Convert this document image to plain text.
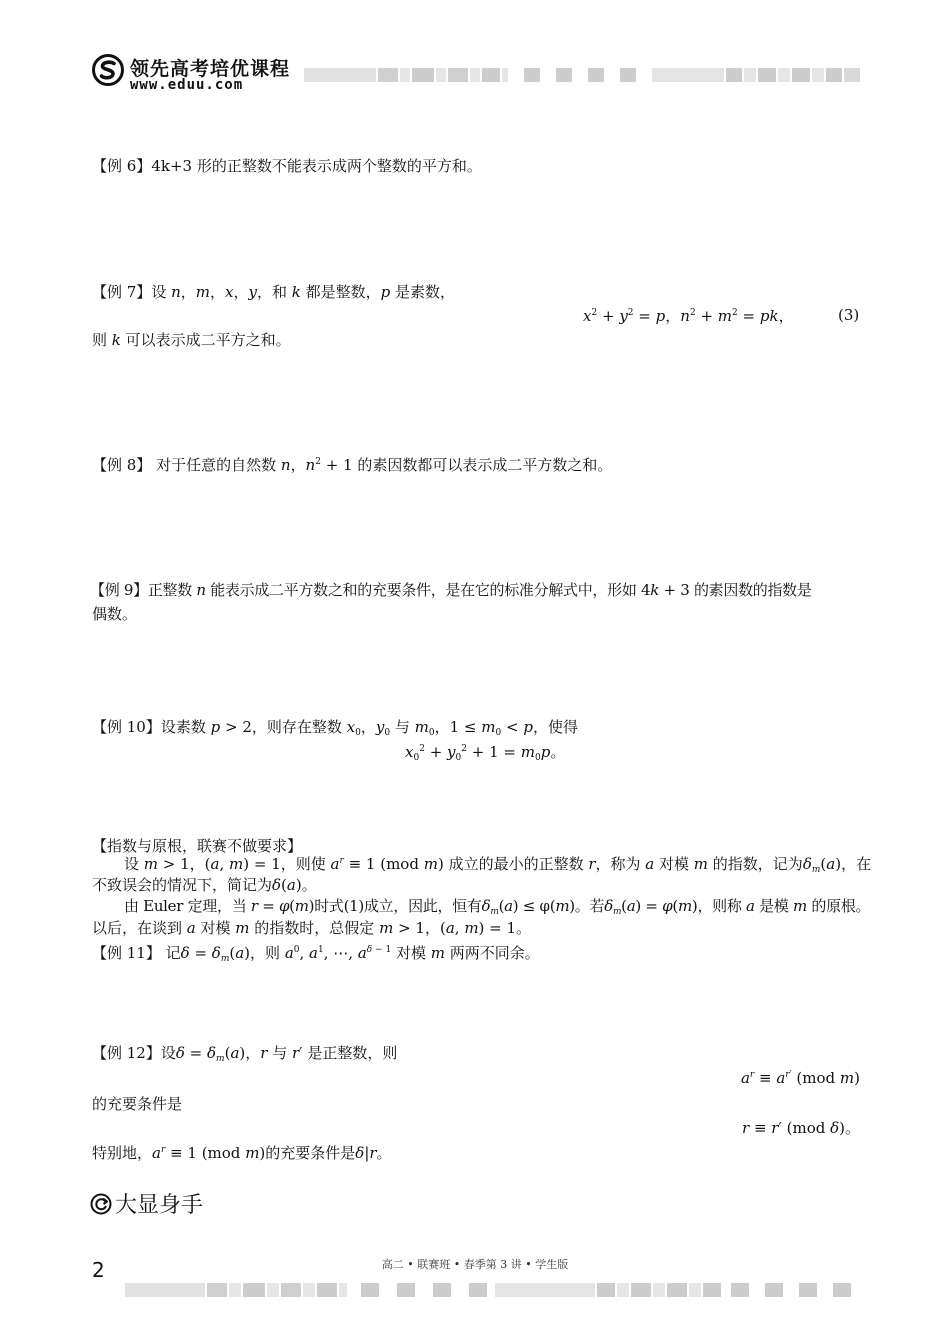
领先高考培优课程
www.eduu.com
【例 6】4k+3 形的正整数不能表示成两个整数的平方和。
【例 7】设 n，m，x，y，和 k 都是整数，p 是素数，
$x^2 + y^2 = p$，$n^2 + m^2$ = pk，	(3)
则 k 可以表示成二平方之和。
【例 8】 对于任意的自然数 n，$n^2 + 1$ 的素因数都可以表示成二平方数之和。
【例 9】正整数 n 能表示成二平方数之和的充要条件，是在它的标准分解式中，形如 4k + 3 的素因数的指数是
偶数。
【例 10】设素数 p > 2，则存在整数 $x_0$，$y_0$ 与 $m_0$，$1 \le m_0 < p$，使得
$x_0^2 + y_0^2 + 1 = m_0p$。
【指数与原根，联赛不做要求】
设 m > 1，(a, m) = 1，则使 $a^r \equiv 1$ (mod m) 成立的最小的正整数 r，称为 a 对模 m 的指数，记为$\delta_m(a)$，在
不致误会的情况下，简记为δ(a)。
由 Euler 定理，当 r = φ(m)时式(1)成立，因此，恒有$\delta_m(a) \le \varphi(m)$。若$\delta_m(a) = \varphi(m)$，则称 a 是模 m 的原根。
以后，在谈到 a 对模 m 的指数时，总假定 m > 1，(a, m) = 1。
【例 11】 记$\delta = \delta_m(a)$，则 $a^0$, $a^1$, ⋯, $a^{\delta - 1}$ 对模 m 两两不同余。
【例 12】设$\delta = \delta_m(a)$，r 与 r′ 是正整数，则
$a^r \equiv a^{r'}$ (mod m)
的充要条件是
r ≡ r′ (mod δ)。
特别地，$a^r \equiv 1$ (mod m)的充要条件是δ|r。
大显身手
2	高二 • 联赛班 • 春季第 3 讲 • 学生版
